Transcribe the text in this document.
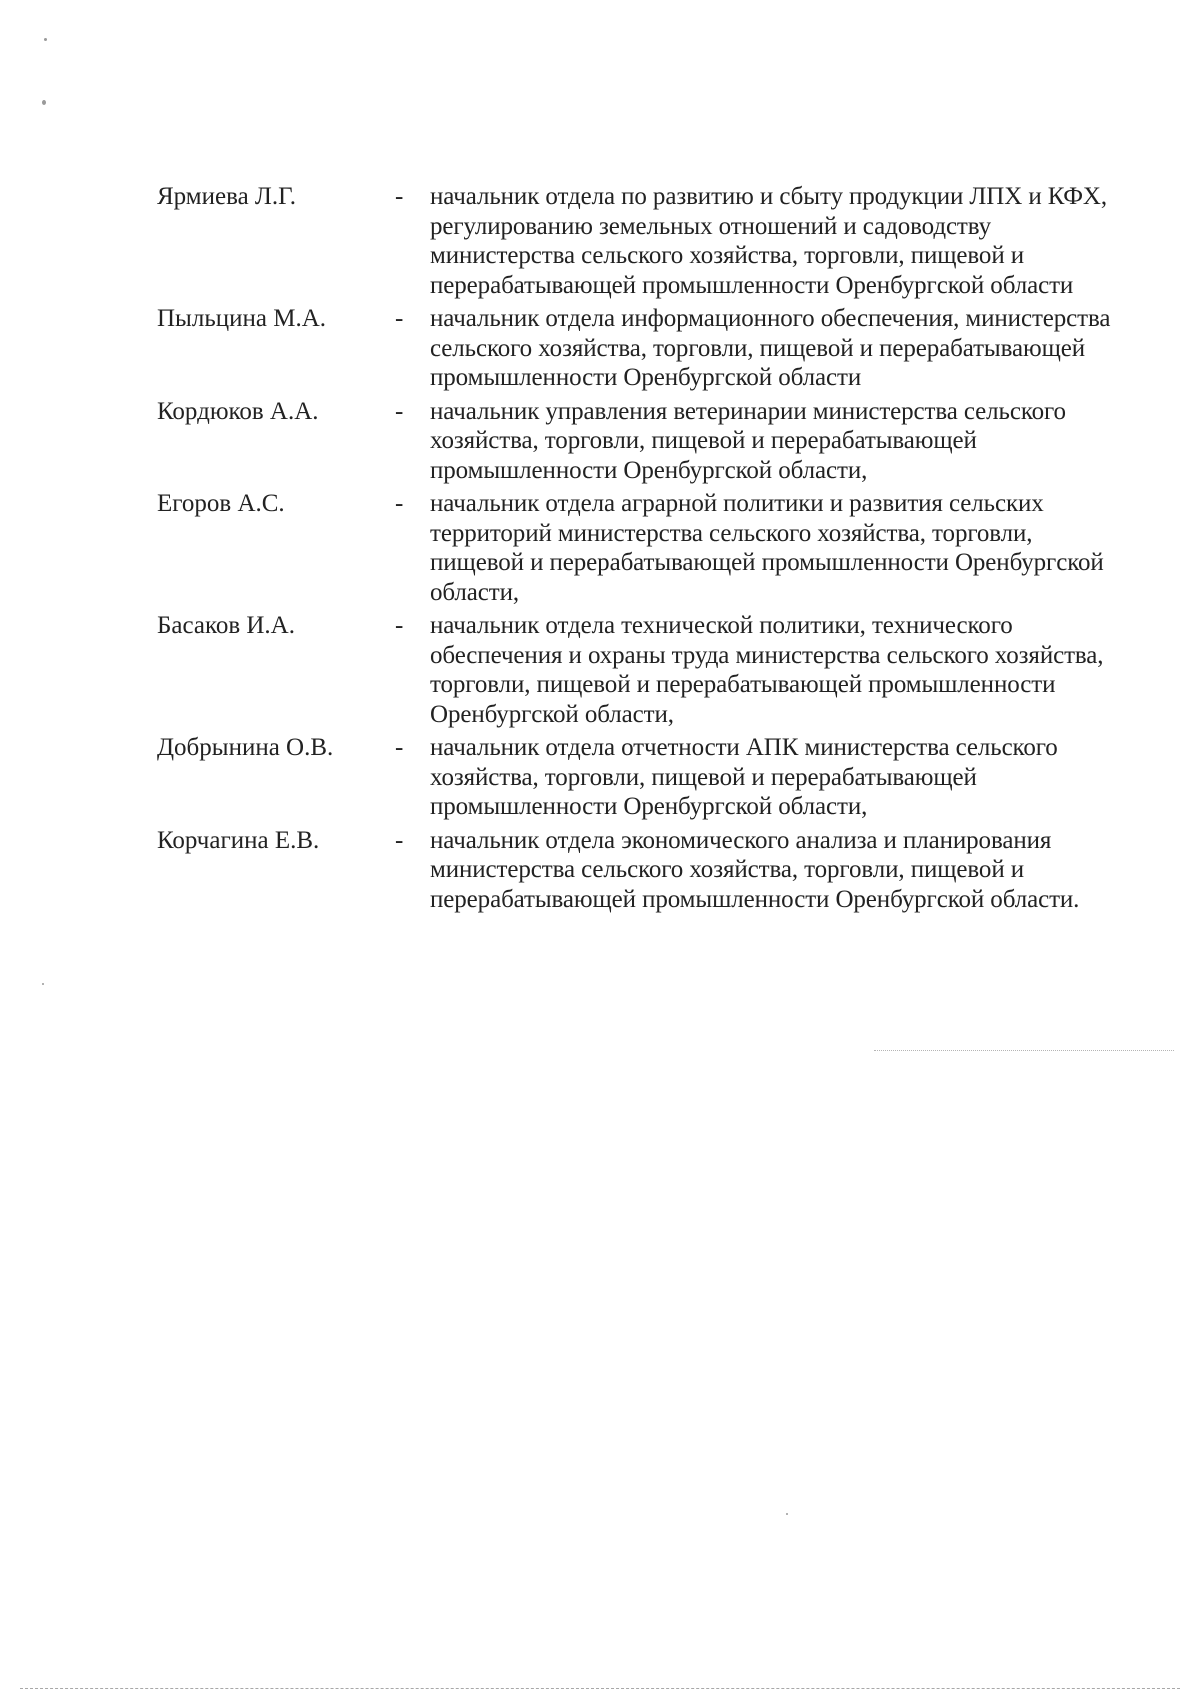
Ярмиева Л.Г.	-	начальник отдела по развитию и сбыту продукции ЛПХ и КФХ,
регулированию земельных отношений и садоводству
министерства сельского хозяйства, торговли, пищевой и
перерабатывающей промышленности Оренбургской области
Пыльцина М.А.	-	начальник отдела информационного обеспечения, министерства
сельского хозяйства, торговли, пищевой и перерабатывающей
промышленности Оренбургской области
Кордюков А.А.	-	начальник управления ветеринарии министерства сельского
хозяйства, торговли, пищевой и перерабатывающей
промышленности Оренбургской области,
Егоров А.С.	-	начальник отдела аграрной политики и развития сельских
территорий министерства сельского хозяйства, торговли,
пищевой и перерабатывающей промышленности Оренбургской
области,
Басаков И.А.	-	начальник отдела технической политики, технического
обеспечения и охраны труда министерства сельского хозяйства,
торговли, пищевой и перерабатывающей промышленности
Оренбургской области,
Добрынина О.В.	-	начальник отдела отчетности АПК министерства сельского
хозяйства, торговли, пищевой и перерабатывающей
промышленности Оренбургской области,
Корчагина Е.В.	-	начальник отдела экономического анализа и планирования
министерства сельского хозяйства, торговли, пищевой и
перерабатывающей промышленности Оренбургской области.
